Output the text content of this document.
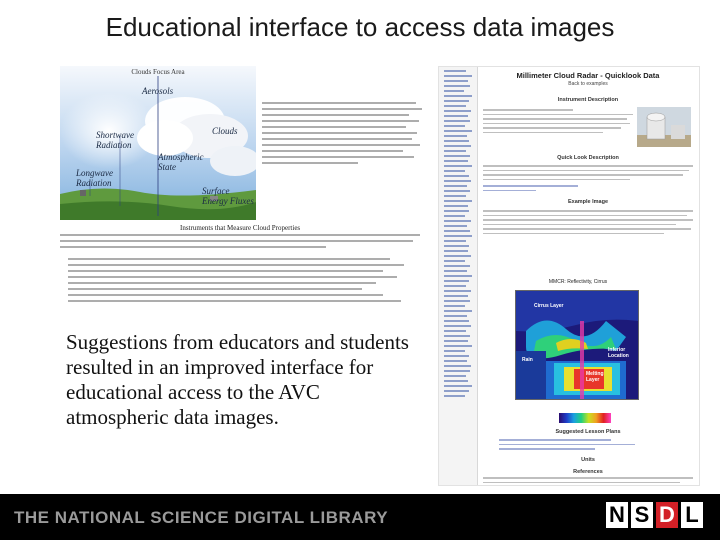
Educational interface to access data images
Clouds Focus Area
Aerosols
Shortwave Radiation
Clouds
Atmospheric State
Longwave Radiation
Surface Energy Fluxes
Instruments that Measure Cloud Properties
Suggestions from educators and students resulted in an improved interface for educational access to the AVC atmospheric data images.
Millimeter Cloud Radar - Quicklook Data
Back to examples
Instrument Description
Quick Look Description
Example Image
MMCR: Reflectivity, Cirrus
Cirrus Layer
Rain
Melting Layer
Inferior Location
Suggested Lesson Plans
Units
References
THE NATIONAL SCIENCE DIGITAL LIBRARY	N S D L
